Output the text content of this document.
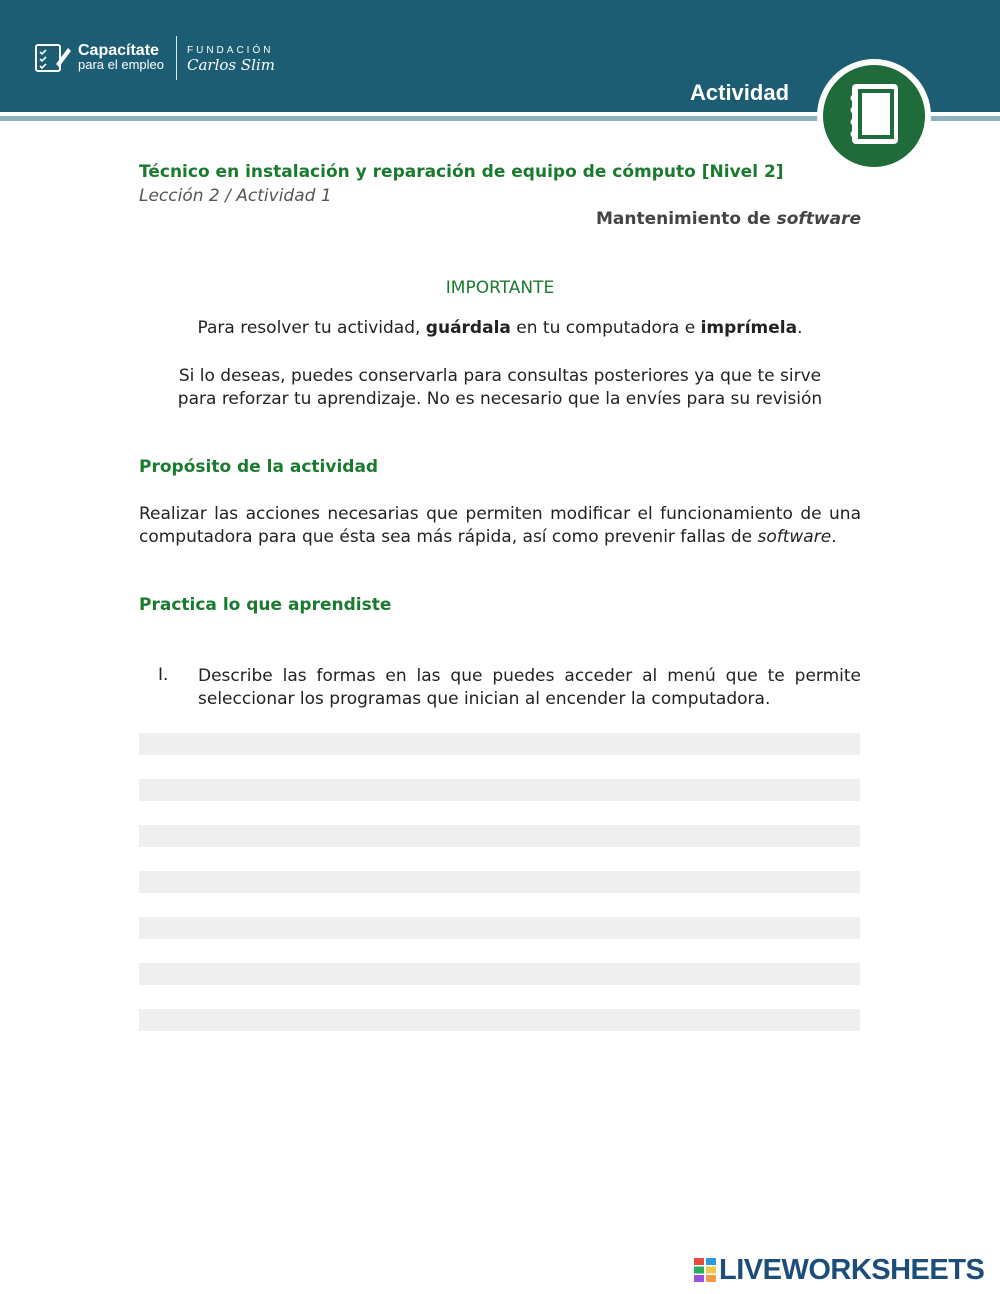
Capacítate
para el empleo
FUNDACIÓN
Carlos Slim
Actividad
Técnico en instalación y reparación de equipo de cómputo [Nivel 2]
Lección 2 / Actividad 1
Mantenimiento de software
IMPORTANTE
Para resolver tu actividad, guárdala en tu computadora e imprímela.
Si lo deseas, puedes conservarla para consultas posteriores ya que te sirve
para reforzar tu aprendizaje. No es necesario que la envíes para su revisión
Propósito de la actividad
Realizar las acciones necesarias que permiten modificar el funcionamiento de una computadora para que ésta sea más rápida, así como prevenir fallas de software.
Practica lo que aprendiste
I. Describe las formas en las que puedes acceder al menú que te permite seleccionar los programas que inician al encender la computadora.
LIVEWORKSHEETS
